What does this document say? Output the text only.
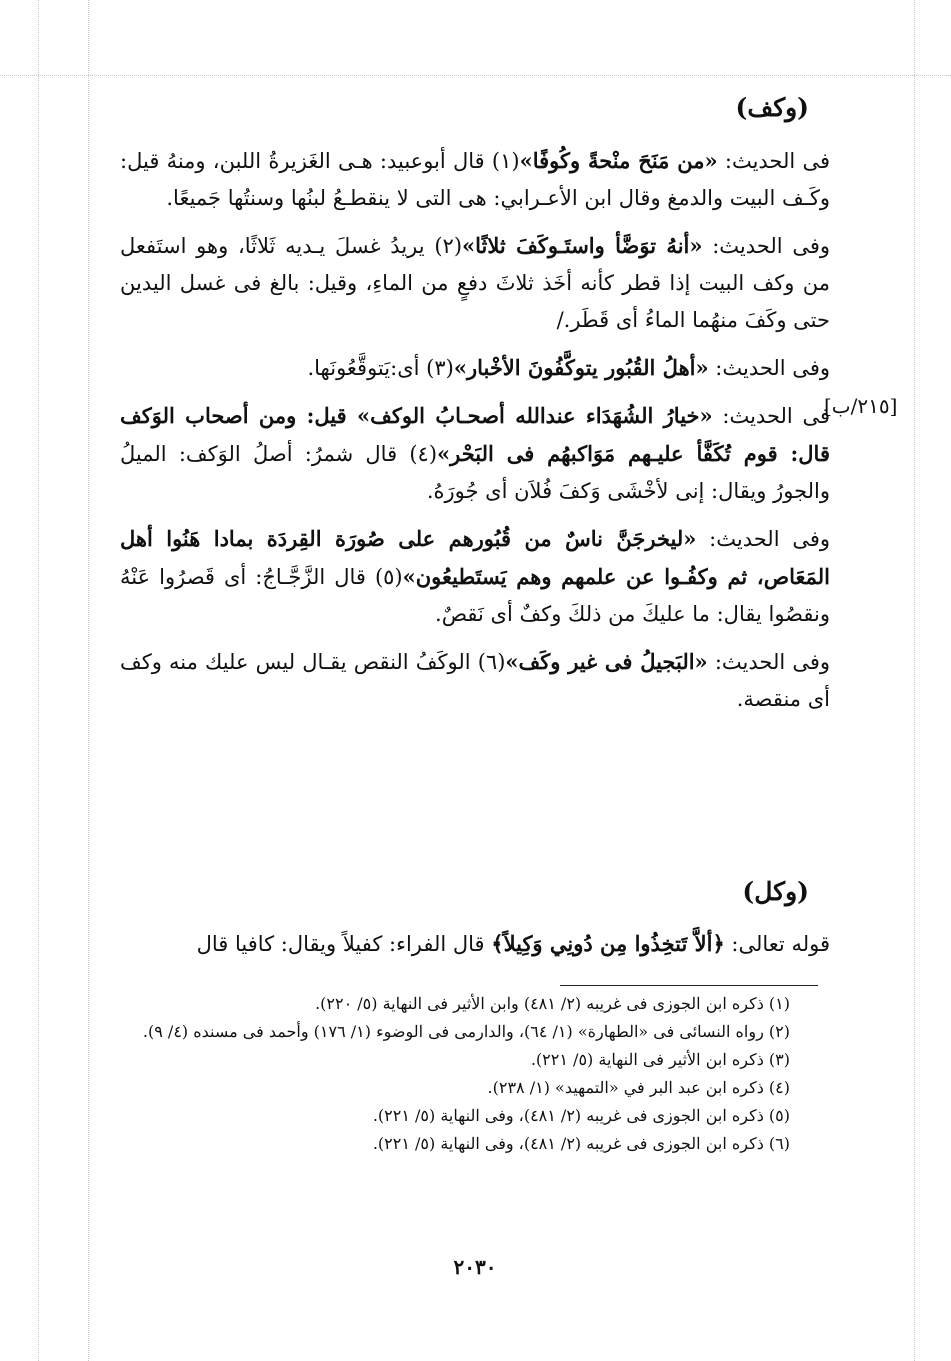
(وكف)

فى الحديث: «من مَنَحَ منْحةً وكُوفًا»(١) قال أبوعبيد: هـى الغَزيرةُ اللبن، ومنهُ قيل: وكَـف البيت والدمغ وقال ابن الأعـرابي: هى التى لا ينقطـعُ لبنُها وسنتُها جَميعًا.

وفى الحديث: «أنهُ توَضَّأ واستَـوكَفَ ثلاثًا»(٢) يريدُ غسلَ يـديه ثَلاثًا، وهو استَفعل من وكف البيت إذا قطر كأنه أخَذ ثلاثَ دفعٍ من الماءِ، وقيل: بالغ فى غسل اليدين حتى وكَفَ منهُما الماءُ أى قَطَر./

وفى الحديث: «أهلُ القُبُور يتوكَّفُونَ الأخْبار»(٣) أى:يَتوقَّعُونَها.

فى الحديث: «خيارُ الشُهَدَاء عندالله أصحـابُ الوكف» قيل: ومن أصحاب الوَكف قال: قوم تُكَفَّأ عليـهم مَوَاكبهُم فى البَحْر»(٤) قال شمرُ: أصلُ الوَكف: الميلُ والجورُ ويقال: إنى لأخْشَى وَكفَ فُلاَن أى جُورَهُ.

وفى الحديث: «ليخرجَنَّ ناسٌ من قُبُورهم على صُورَة القِردَة بمادا هَنُوا أهل المَعَاص، ثم وكفُـوا عن علمهم وهم يَستَطيعُون»(٥) قال الزَّجَّـاجُ: أى قَصرُوا عَنْهُ ونقصُوا يقال: ما عليكَ من ذلكَ وكفٌ أى نَقصٌ.

وفى الحديث: «البَجيلُ فى غير وكَف»(٦) الوكَفُ النقص يقـال ليس عليك منه وكف أى منقصة.

[٢١٥/ب]
(وكل)

قوله تعالى: ﴿ألاَّ تَتخِذُوا مِن دُونِي وَكِيلاً﴾ قال الفراء: كفيلاً ويقال: كافيا قال

(١) ذكره ابن الجوزى فى غريبه (٢/ ٤٨١) وابن الأثير فى النهاية (٥/ ٢٢٠).

(٢) رواه النسائى فى «الطهارة» (١/ ٦٤)، والدارمى فى الوضوء (١/ ١٧٦) وأحمد فى مسنده (٤/ ٩).

(٣) ذكره ابن الأثير فى النهاية (٥/ ٢٢١).

(٤) ذكره ابن عبد البر في «التمهيد» (١/ ٢٣٨).

(٥) ذكره ابن الجوزى فى غريبه (٢/ ٤٨١)، وفى النهاية (٥/ ٢٢١).

(٦) ذكره ابن الجوزى فى غريبه (٢/ ٤٨١)، وفى النهاية (٥/ ٢٢١).

٢٠٣٠
